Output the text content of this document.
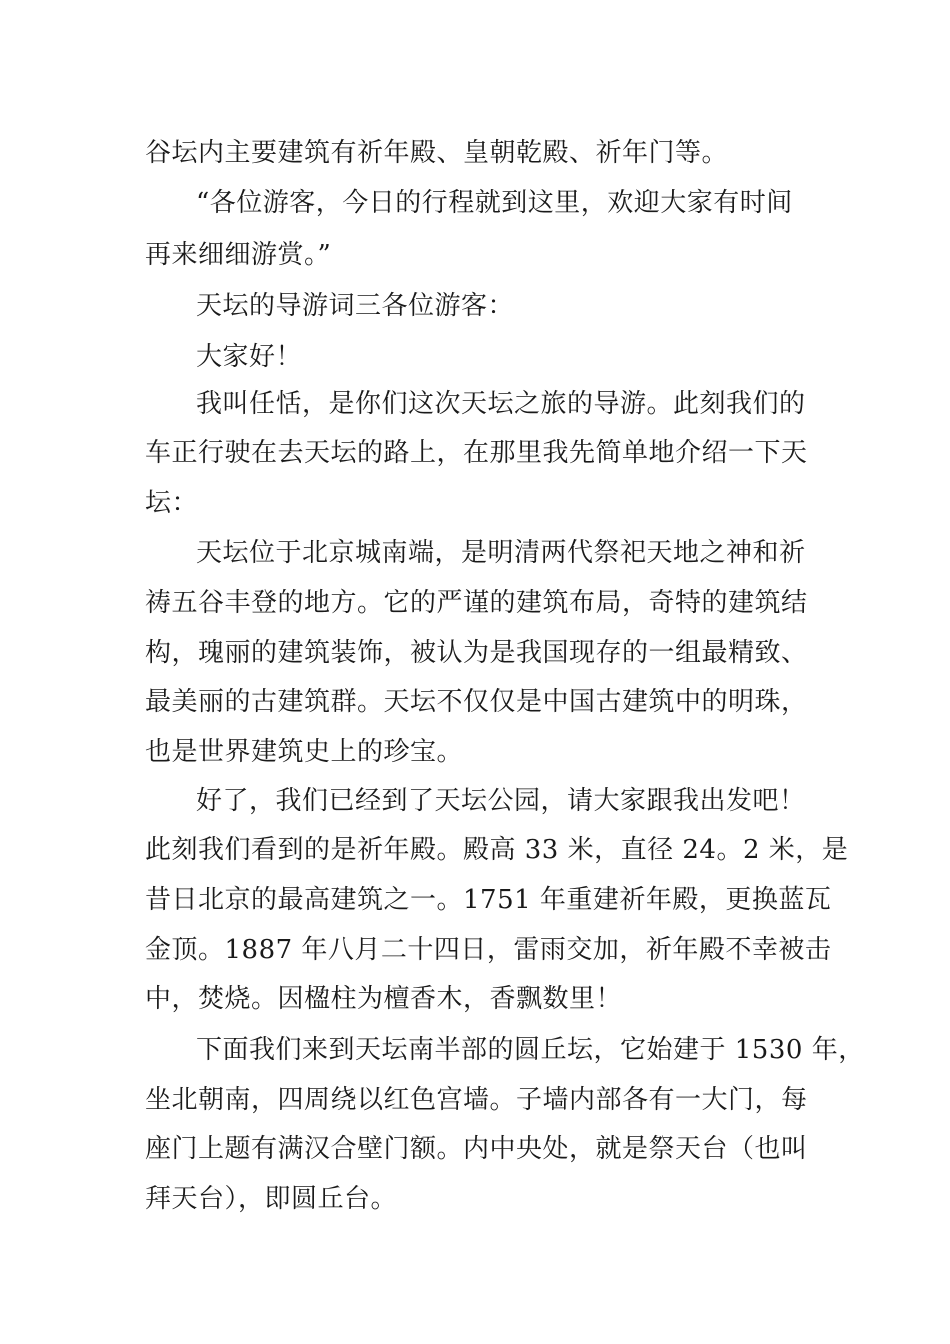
谷坛内主要建筑有祈年殿、皇朝乾殿、祈年门等。
“各位游客，今日的行程就到这里，欢迎大家有时间
再来细细游赏。”
天坛的导游词三各位游客：
大家好！
我叫任恬，是你们这次天坛之旅的导游。此刻我们的
车正行驶在去天坛的路上，在那里我先简单地介绍一下天
坛：
天坛位于北京城南端，是明清两代祭祀天地之神和祈
祷五谷丰登的地方。它的严谨的建筑布局，奇特的建筑结
构，瑰丽的建筑装饰，被认为是我国现存的一组最精致、
最美丽的古建筑群。天坛不仅仅是中国古建筑中的明珠，
也是世界建筑史上的珍宝。
好了，我们已经到了天坛公园，请大家跟我出发吧！
此刻我们看到的是祈年殿。殿高 33 米，直径 24。2 米，是
昔日北京的最高建筑之一。1751 年重建祈年殿，更换蓝瓦
金顶。1887 年八月二十四日，雷雨交加，祈年殿不幸被击
中，焚烧。因楹柱为檀香木，香飘数里！
下面我们来到天坛南半部的圆丘坛，它始建于 1530 年，
坐北朝南，四周绕以红色宫墙。子墙内部各有一大门，每
座门上题有满汉合壁门额。内中央处，就是祭天台（也叫
拜天台），即圆丘台。
